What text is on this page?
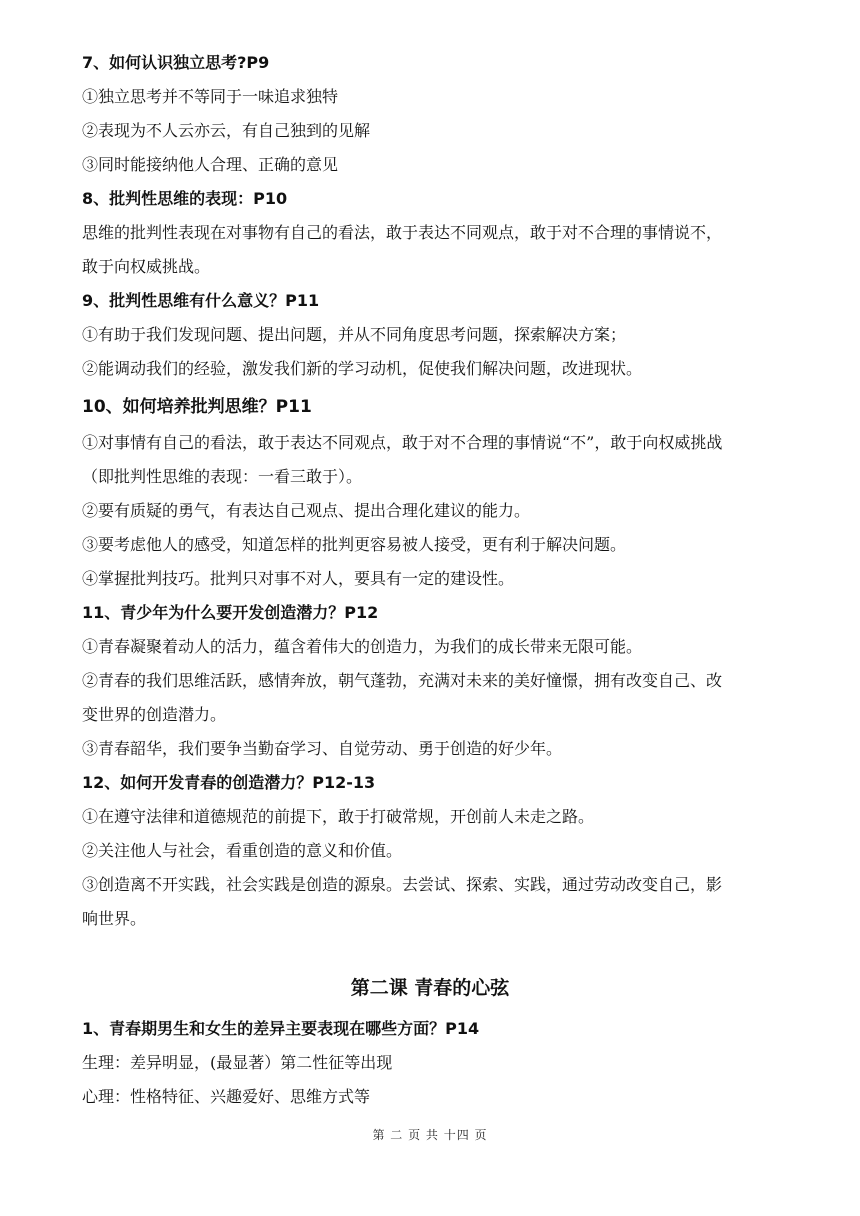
7、如何认识独立思考?P9
①独立思考并不等同于一味追求独特
②表现为不人云亦云，有自己独到的见解
③同时能接纳他人合理、正确的意见
8、批判性思维的表现：P10
思维的批判性表现在对事物有自己的看法，敢于表达不同观点，敢于对不合理的事情说不，
敢于向权威挑战。
9、批判性思维有什么意义？P11
①有助于我们发现问题、提出问题，并从不同角度思考问题，探索解决方案；
②能调动我们的经验，激发我们新的学习动机，促使我们解决问题，改进现状。
10、如何培养批判思维？P11
①对事情有自己的看法，敢于表达不同观点，敢于对不合理的事情说“不”，敢于向权威挑战
（即批判性思维的表现：一看三敢于）。
②要有质疑的勇气，有表达自己观点、提出合理化建议的能力。
③要考虑他人的感受，知道怎样的批判更容易被人接受，更有利于解决问题。
④掌握批判技巧。批判只对事不对人，要具有一定的建设性。
11、青少年为什么要开发创造潜力？P12
①青春凝聚着动人的活力，蕴含着伟大的创造力，为我们的成长带来无限可能。
②青春的我们思维活跃，感情奔放，朝气蓬勃，充满对未来的美好憧憬，拥有改变自己、改
变世界的创造潜力。
③青春韶华，我们要争当勤奋学习、自觉劳动、勇于创造的好少年。
12、如何开发青春的创造潜力？P12-13
①在遵守法律和道德规范的前提下，敢于打破常规，开创前人未走之路。
②关注他人与社会，看重创造的意义和价值。
③创造离不开实践，社会实践是创造的源泉。去尝试、探索、实践，通过劳动改变自己，影
响世界。
第二课 青春的心弦
1、青春期男生和女生的差异主要表现在哪些方面？P14
生理：差异明显，(最显著）第二性征等出现
心理：性格特征、兴趣爱好、思维方式等
第 二 页 共 十四 页
